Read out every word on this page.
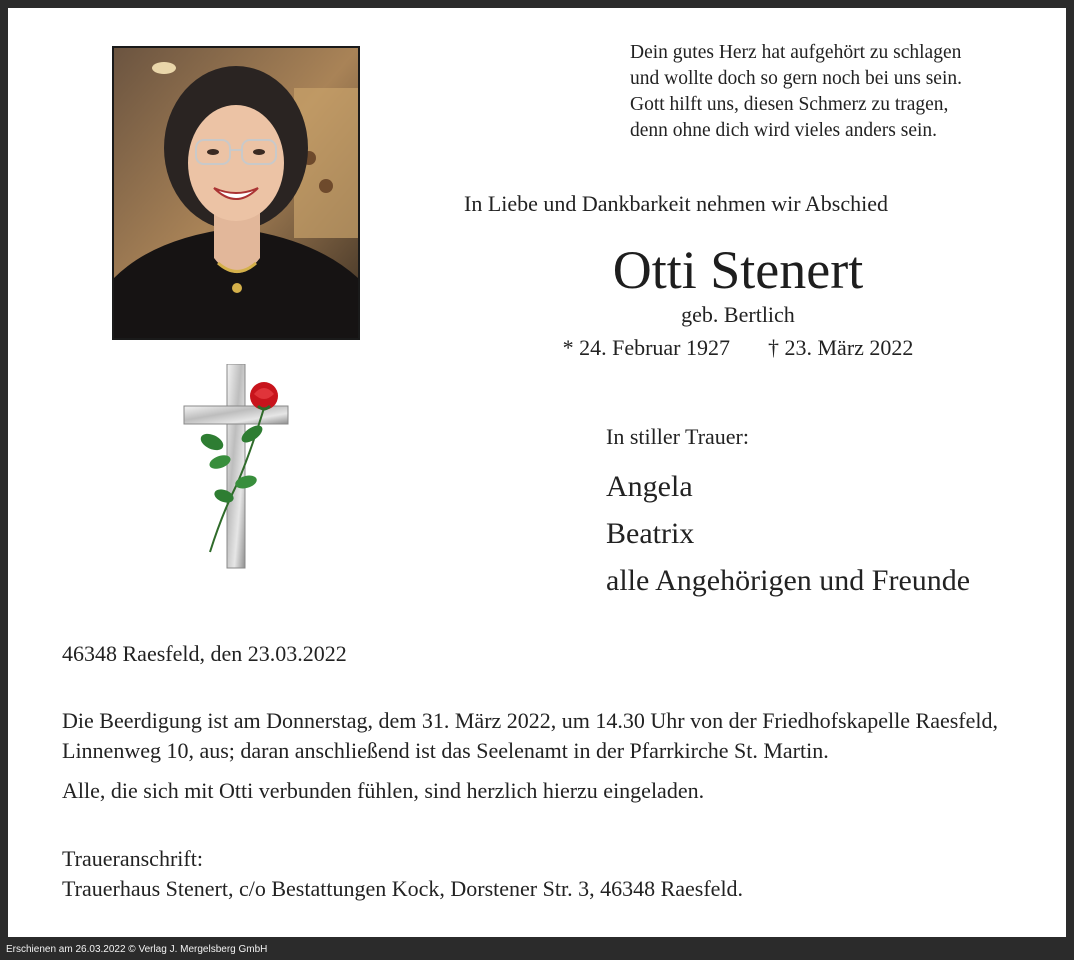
Dein gutes Herz hat aufgehört zu schlagen
und wollte doch so gern noch bei uns sein.
Gott hilft uns, diesen Schmerz zu tragen,
denn ohne dich wird vieles anders sein.
In Liebe und Dankbarkeit nehmen wir Abschied
Otti Stenert
geb. Bertlich
* 24. Februar 1927 † 23. März 2022
In stiller Trauer:
Angela
Beatrix
alle Angehörigen und Freunde
46348 Raesfeld, den 23.03.2022
Die Beerdigung ist am Donnerstag, dem 31. März 2022, um 14.30 Uhr von der Friedhofskapelle Raesfeld, Linnenweg 10, aus; daran anschließend ist das Seelenamt in der Pfarrkirche St. Martin.
Alle, die sich mit Otti verbunden fühlen, sind herzlich hierzu eingeladen.
Traueranschrift:
Trauerhaus Stenert, c/o Bestattungen Kock, Dorstener Str. 3, 46348 Raesfeld.
Erschienen am 26.03.2022 © Verlag J. Mergelsberg GmbH
